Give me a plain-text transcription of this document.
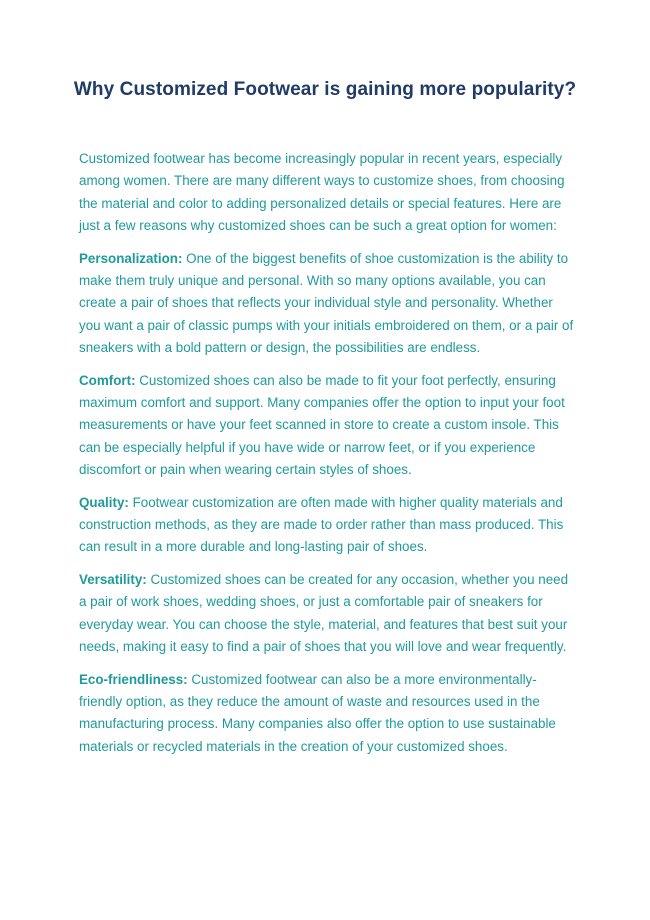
Why Customized Footwear is gaining more popularity?

Customized footwear has become increasingly popular in recent years, especially among women. There are many different ways to customize shoes, from choosing the material and color to adding personalized details or special features. Here are just a few reasons why customized shoes can be such a great option for women:

Personalization: One of the biggest benefits of shoe customization is the ability to make them truly unique and personal. With so many options available, you can create a pair of shoes that reflects your individual style and personality. Whether you want a pair of classic pumps with your initials embroidered on them, or a pair of sneakers with a bold pattern or design, the possibilities are endless.

Comfort: Customized shoes can also be made to fit your foot perfectly, ensuring maximum comfort and support. Many companies offer the option to input your foot measurements or have your feet scanned in store to create a custom insole. This can be especially helpful if you have wide or narrow feet, or if you experience discomfort or pain when wearing certain styles of shoes.

Quality: Footwear customization are often made with higher quality materials and construction methods, as they are made to order rather than mass produced. This can result in a more durable and long-lasting pair of shoes.

Versatility: Customized shoes can be created for any occasion, whether you need a pair of work shoes, wedding shoes, or just a comfortable pair of sneakers for everyday wear. You can choose the style, material, and features that best suit your needs, making it easy to find a pair of shoes that you will love and wear frequently.

Eco-friendliness: Customized footwear can also be a more environmentally-friendly option, as they reduce the amount of waste and resources used in the manufacturing process. Many companies also offer the option to use sustainable materials or recycled materials in the creation of your customized shoes.
